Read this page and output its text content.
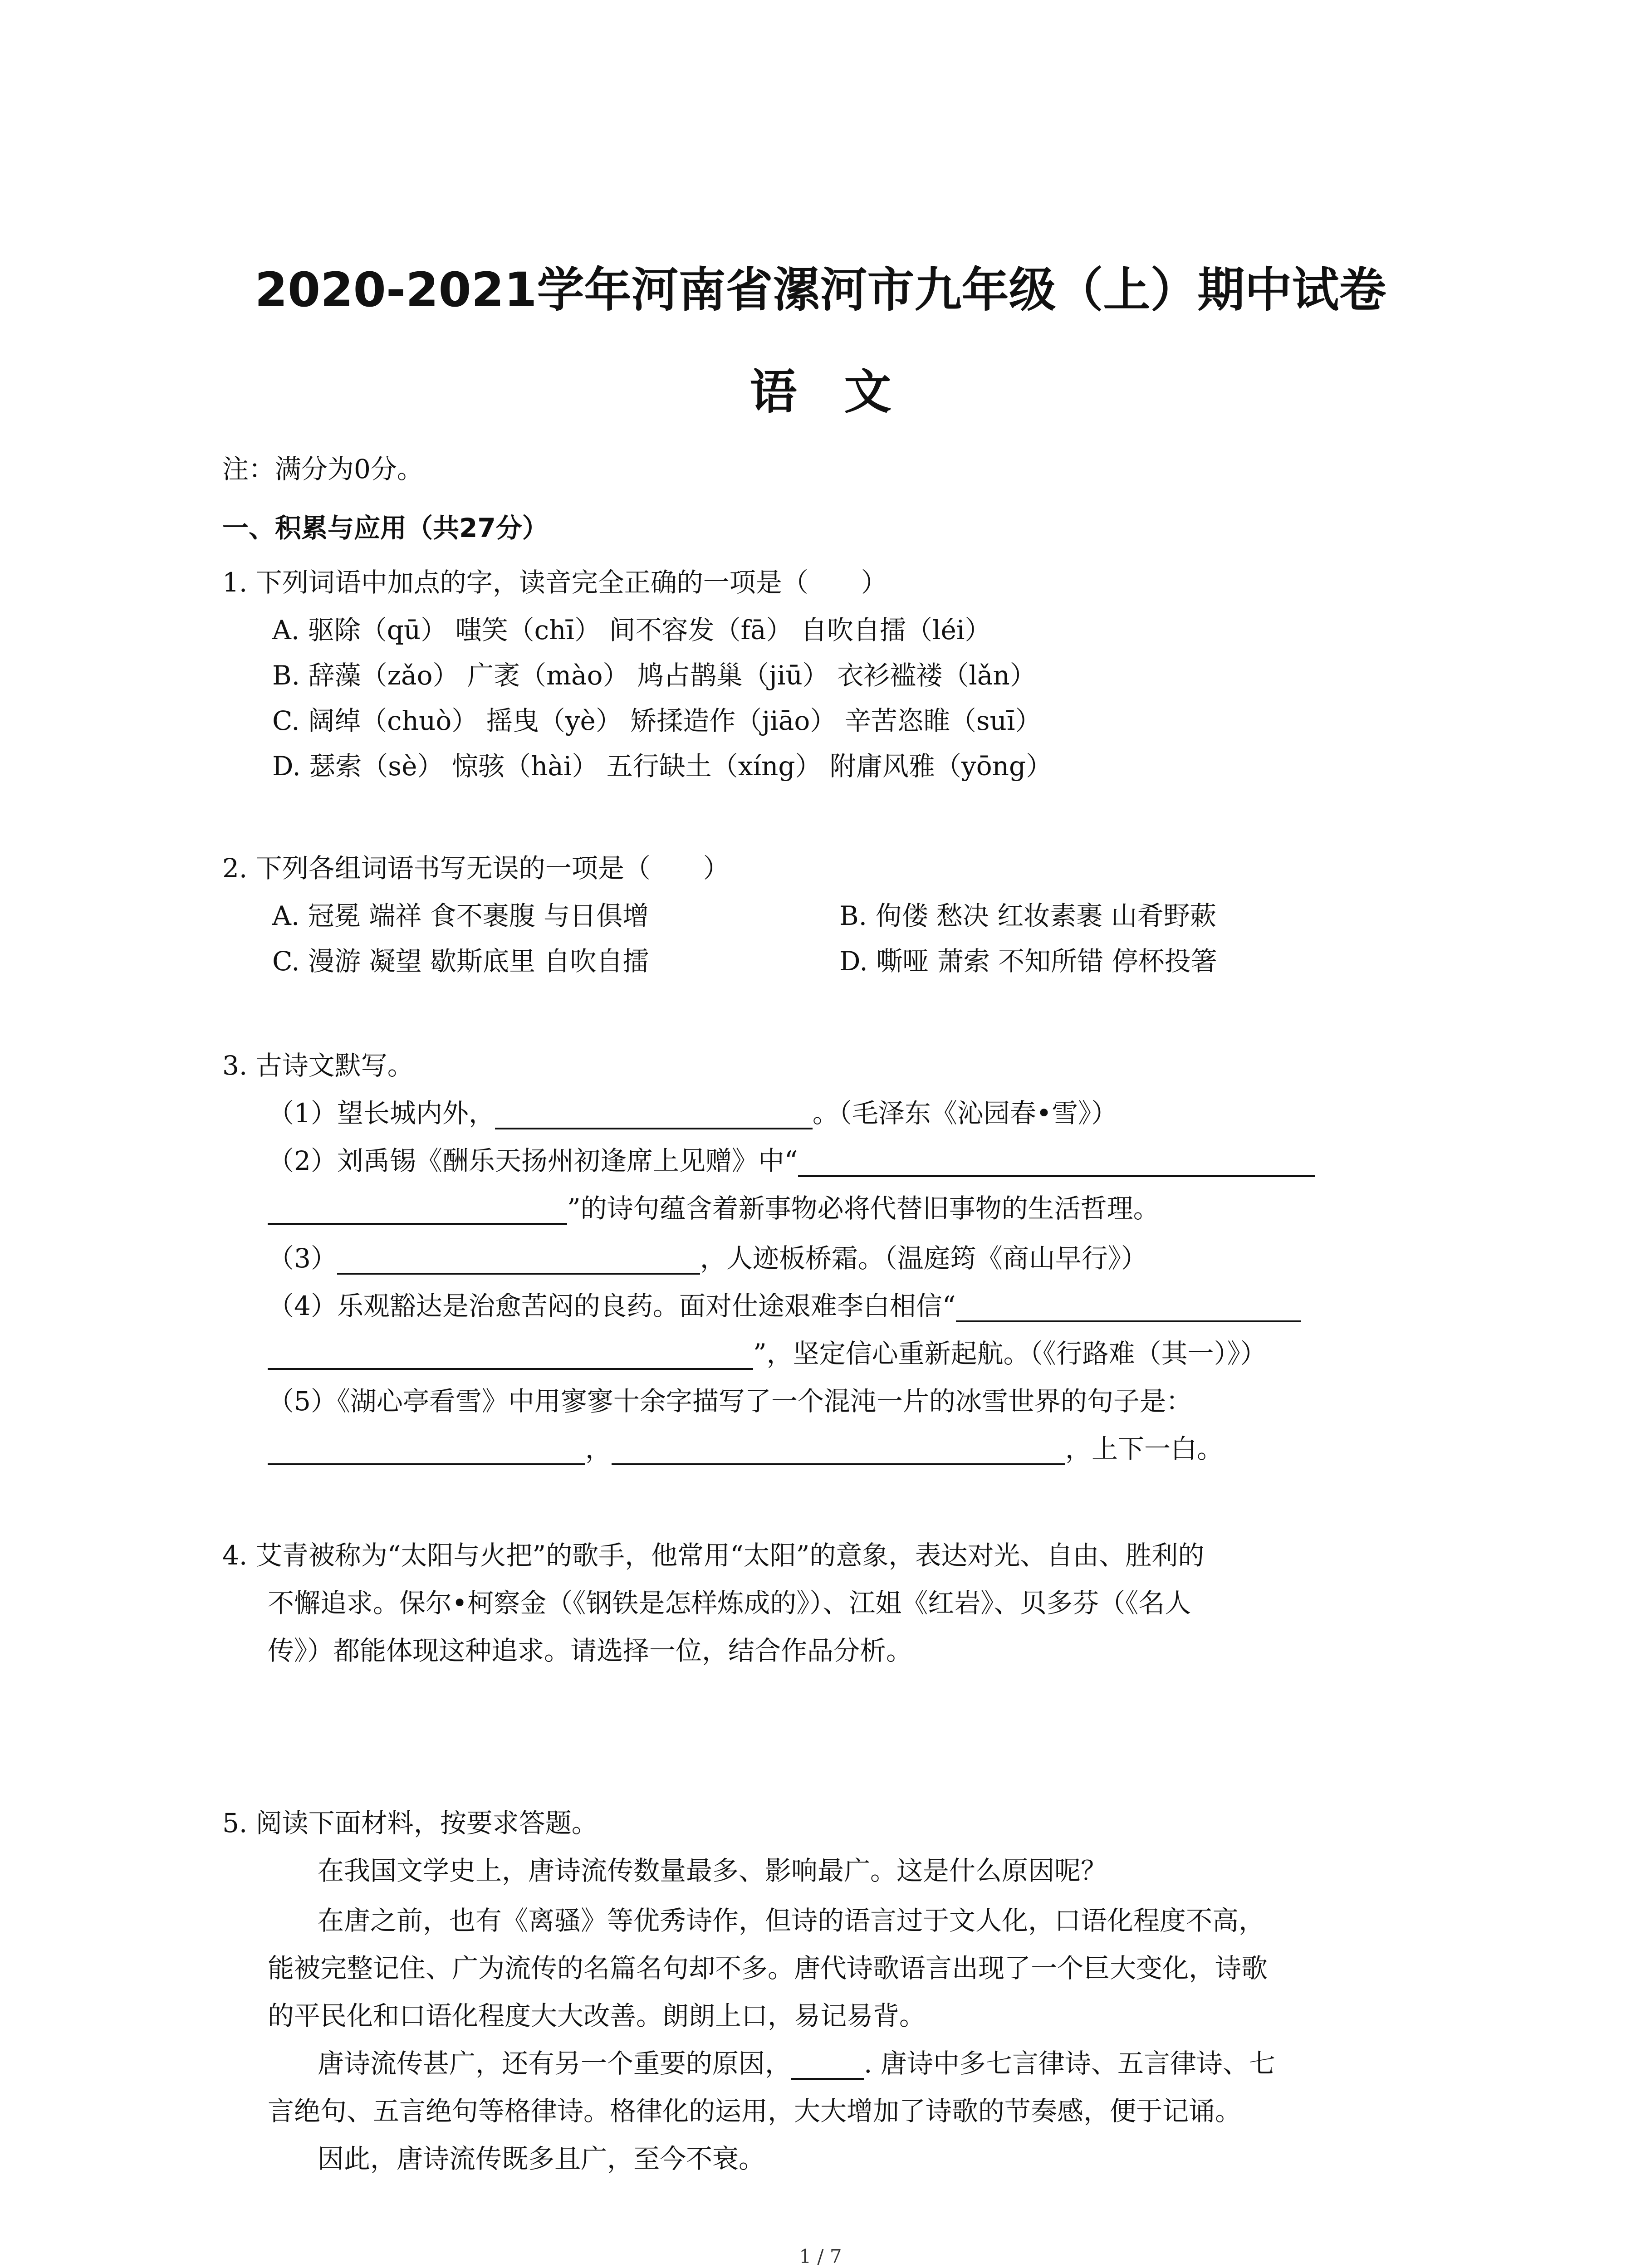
2020-2021学年河南省漯河市九年级（上）期中试卷
语　文
注：满分为0分。
一、积累与应用（共27分）
1. 下列词语中加点的字，读音完全正确的一项是（　　）
A. 驱除（qū） 嗤笑（chī） 间不容发（fā） 自吹自擂（léi）
B. 辞藻（zǎo） 广袤（mào） 鸠占鹊巢（jiū） 衣衫褴褛（lǎn）
C. 阔绰（chuò） 摇曳（yè） 矫揉造作（jiāo） 辛苦恣睢（suī）
D. 瑟索（sè） 惊骇（hài） 五行缺土（xíng） 附庸风雅（yōng）
2. 下列各组词语书写无误的一项是（　　）
A. 冠冕 端祥 食不裹腹 与日俱增	B. 佝偻 愁决 红妆素裹 山肴野蔌
C. 漫游 凝望 歇斯底里 自吹自擂	D. 嘶哑 萧索 不知所错 停杯投箸
3. 古诗文默写。
（1）望长城内外，	。（毛泽东《沁园春•雪》）
（2）刘禹锡《酬乐天扬州初逢席上见赠》中“
”的诗句蕴含着新事物必将代替旧事物的生活哲理。
（3）	，人迹板桥霜。（温庭筠《商山早行》）
（4）乐观豁达是治愈苦闷的良药。面对仕途艰难李白相信“
”，坚定信心重新起航。（《行路难（其一）》）
（5）《湖心亭看雪》中用寥寥十余字描写了一个混沌一片的冰雪世界的句子是：
，	，上下一白。
4. 艾青被称为“太阳与火把”的歌手，他常用“太阳”的意象，表达对光、自由、胜利的
不懈追求。保尔•柯察金（《钢铁是怎样炼成的》）、江姐《红岩》、贝多芬（《名人
传》）都能体现这种追求。请选择一位，结合作品分析。
5. 阅读下面材料，按要求答题。
在我国文学史上，唐诗流传数量最多、影响最广。这是什么原因呢？
在唐之前，也有《离骚》等优秀诗作，但诗的语言过于文人化，口语化程度不高，
能被完整记住、广为流传的名篇名句却不多。唐代诗歌语言出现了一个巨大变化，诗歌
的平民化和口语化程度大大改善。朗朗上口，易记易背。
唐诗流传甚广，还有另一个重要的原因，	. 唐诗中多七言律诗、五言律诗、七
言绝句、五言绝句等格律诗。格律化的运用，大大增加了诗歌的节奏感，便于记诵。
因此，唐诗流传既多且广，至今不衰。
1 / 7
